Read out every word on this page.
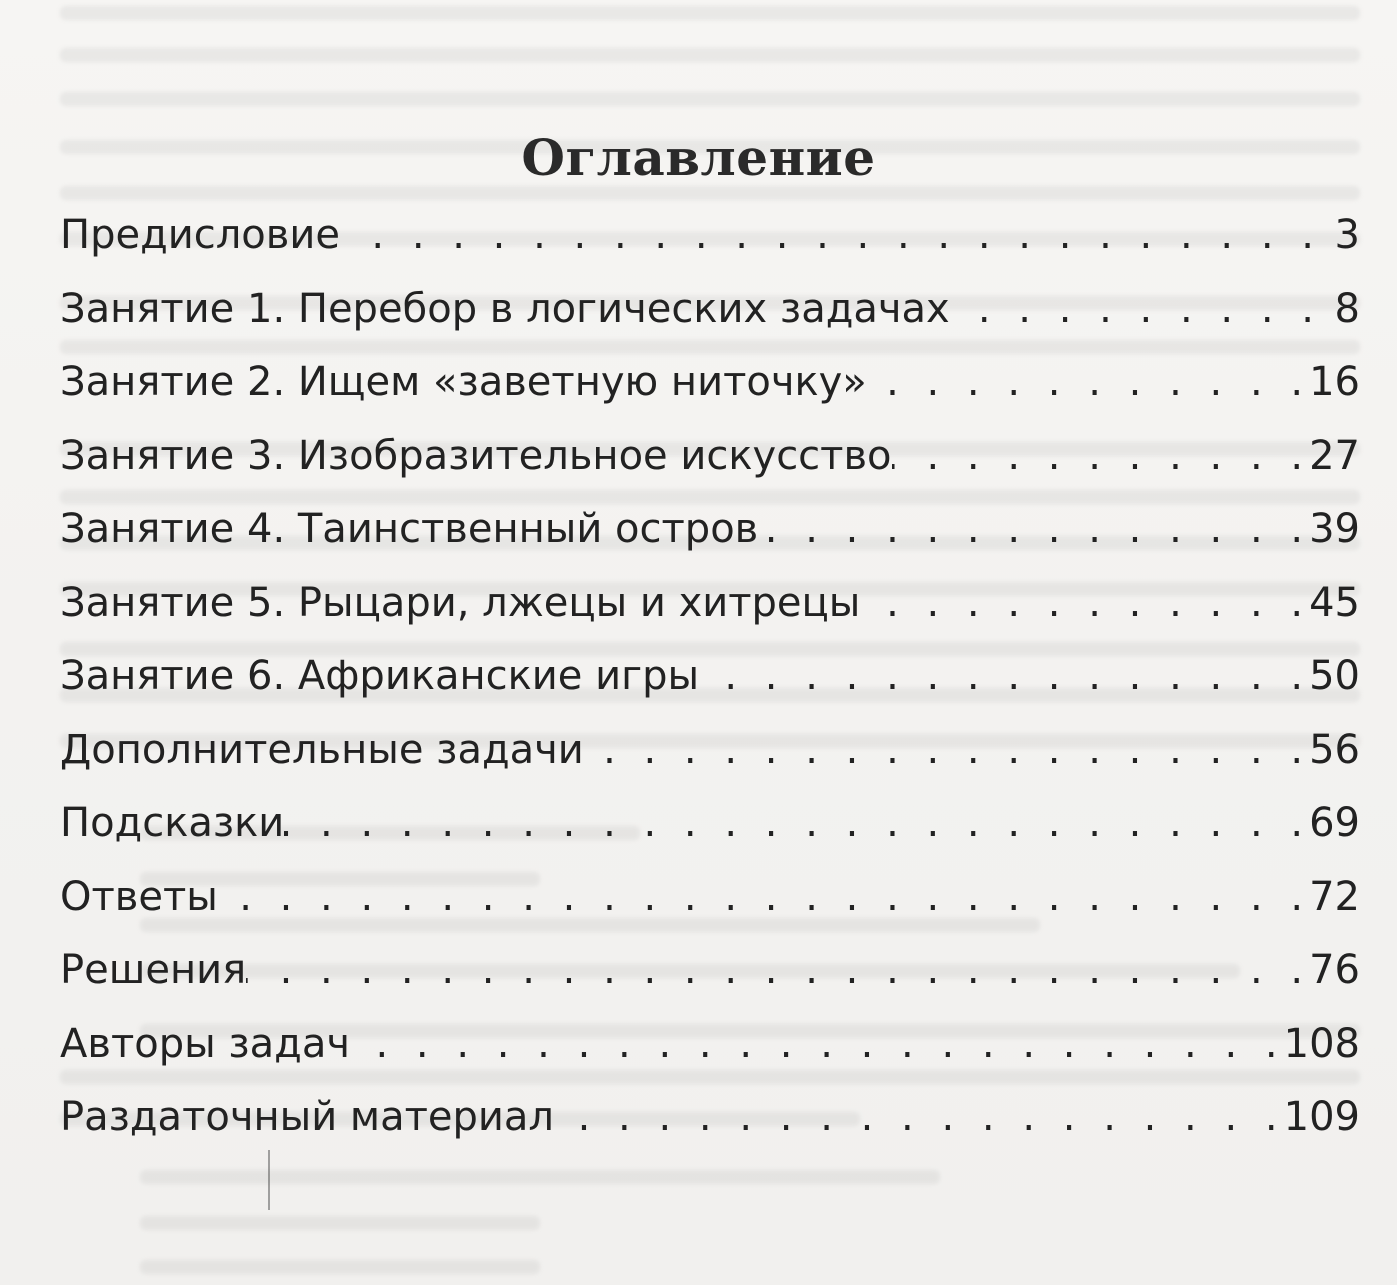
Оглавление
Предисловие . . .	3
Занятие 1. Перебор в логических задачах . . .	8
Занятие 2. Ищем «заветную ниточку» . . .	16
Занятие 3. Изобразительное искусство . . .	27
Занятие 4. Таинственный остров . . .	39
Занятие 5. Рыцари, лжецы и хитрецы . . .	45
Занятие 6. Африканские игры . . .	50
Дополнительные задачи . . .	56
Подсказки . . .	69
Ответы . . .	72
Решения . . .	76
Авторы задач . . .	108
Раздаточный материал . . .	109
